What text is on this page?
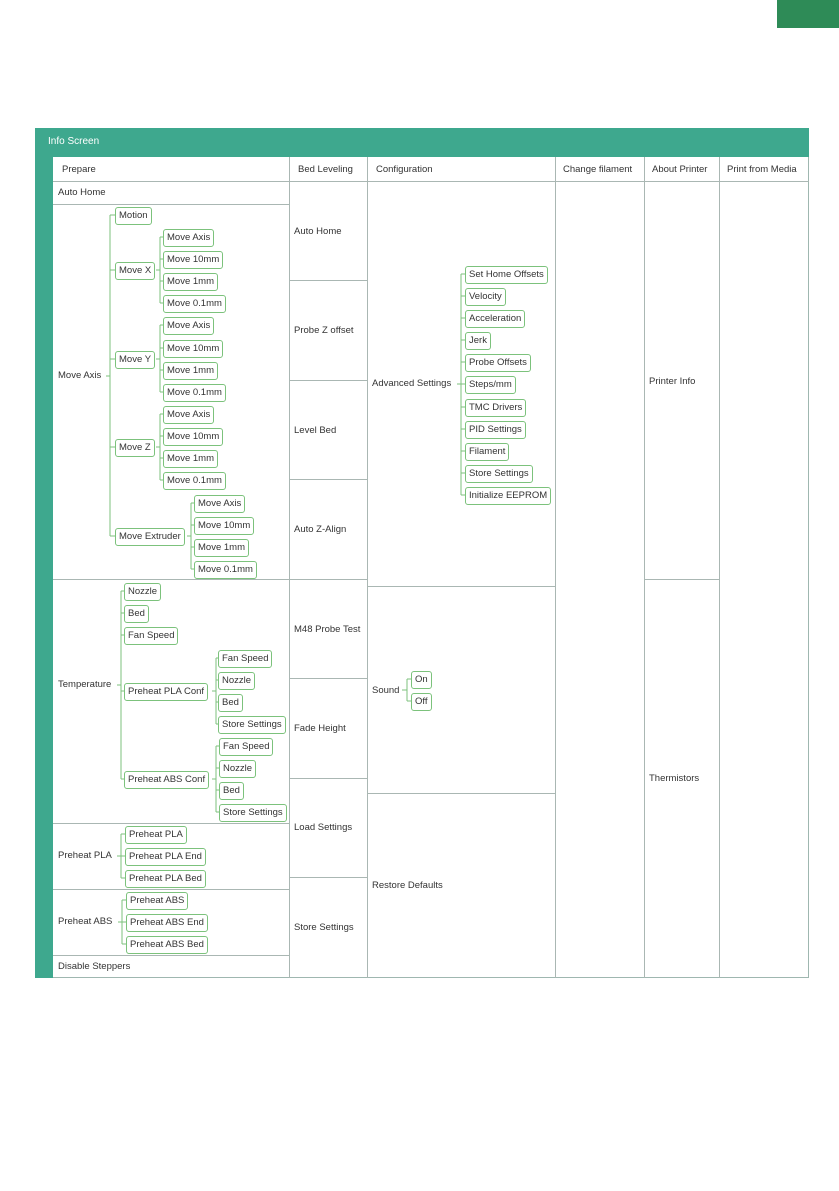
Info Screen
Prepare	Bed Leveling Configuration	Change filament About Printer Print from Media
Auto Home
Move Axis
Motion
Move X
Move Y
Move Z
Move Extruder
Move Axis
Move 10mm
Move 1mm
Move 0.1mm
Move Axis
Move 10mm
Move 1mm
Move 0.1mm
Move Axis
Move 10mm
Move 1mm
Move 0.1mm
Move Axis
Move 10mm
Move 1mm
Move 0.1mm
Temperature
Nozzle
Bed
Fan Speed
Preheat PLA Conf
Preheat ABS Conf
Fan Speed
Nozzle
Bed
Store Settings
Fan Speed
Nozzle
Bed
Store Settings
Preheat PLA
Preheat PLA
Preheat PLA End
Preheat PLA Bed
Preheat ABS
Preheat ABS
Preheat ABS End
Preheat ABS Bed
Disable Steppers
Auto Home
Probe Z offset
Level Bed
Auto Z-Align
M48 Probe Test
Fade Height
Load Settings
Store Settings
Advanced Settings
Set Home Offsets
Velocity
Acceleration
Jerk
Probe Offsets
Steps/mm
TMC Drivers
PID Settings
Filament
Store Settings
Initialize EEPROM
Sound
On
Off
Restore Defaults
Printer Info
Thermistors
